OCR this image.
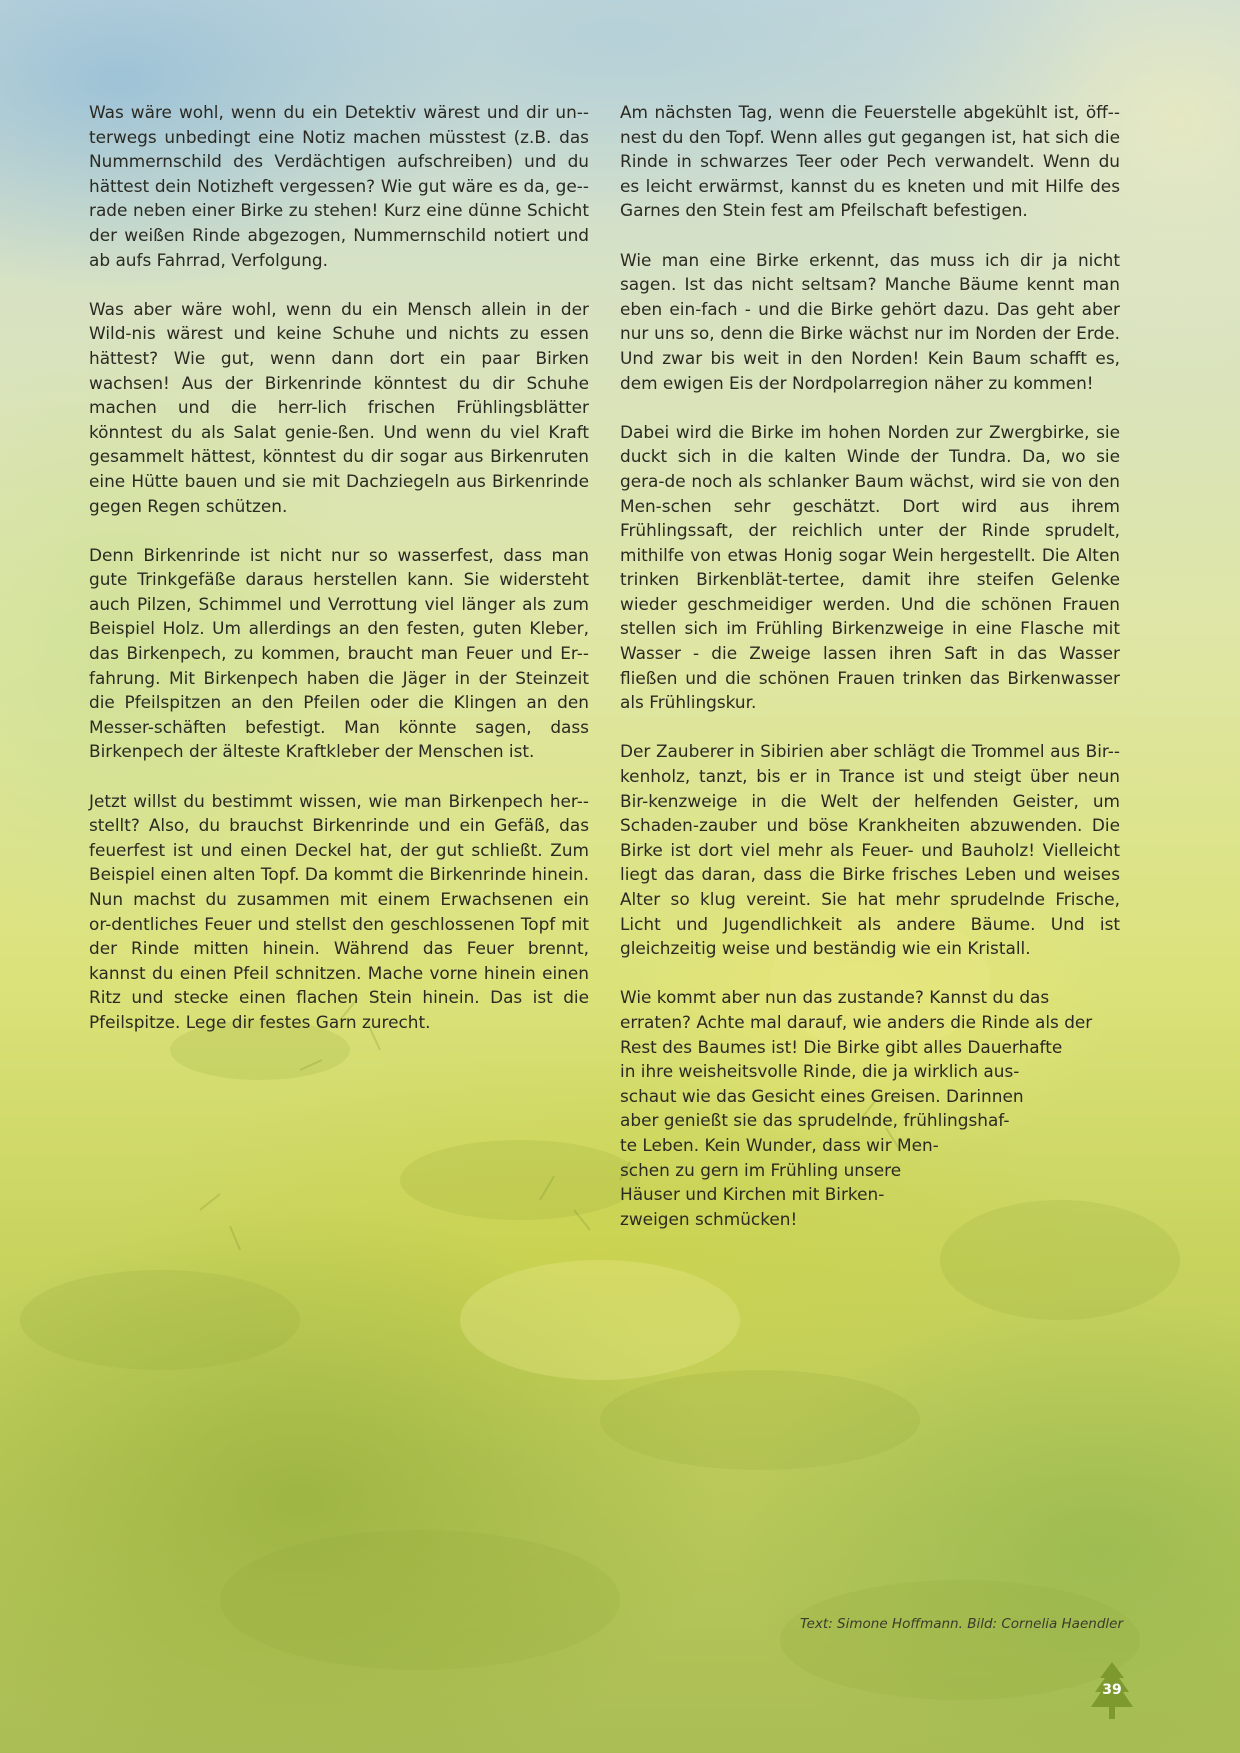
Was wäre wohl, wenn du ein Detektiv wärest und dir un-terwegs unbedingt eine Notiz machen müsstest (z.B. das Nummernschild des Verdächtigen aufschreiben) und du hättest dein Notizheft vergessen? Wie gut wäre es da, ge-rade neben einer Birke zu stehen! Kurz eine dünne Schicht der weißen Rinde abgezogen, Nummernschild notiert und ab aufs Fahrrad, Verfolgung.

Was aber wäre wohl, wenn du ein Mensch allein in der Wild-nis wärest und keine Schuhe und nichts zu essen hättest? Wie gut, wenn dann dort ein paar Birken wachsen! Aus der Birkenrinde könntest du dir Schuhe machen und die herr-lich frischen Frühlingsblätter könntest du als Salat genie-ßen. Und wenn du viel Kraft gesammelt hättest, könntest du dir sogar aus Birkenruten eine Hütte bauen und sie mit Dachziegeln aus Birkenrinde gegen Regen schützen.

Denn Birkenrinde ist nicht nur so wasserfest, dass man gute Trinkgefäße daraus herstellen kann. Sie widersteht auch Pilzen, Schimmel und Verrottung viel länger als zum Beispiel Holz. Um allerdings an den festen, guten Kleber, das Birkenpech, zu kommen, braucht man Feuer und Er-fahrung. Mit Birkenpech haben die Jäger in der Steinzeit die Pfeilspitzen an den Pfeilen oder die Klingen an den Messer-schäften befestigt. Man könnte sagen, dass Birkenpech der älteste Kraftkleber der Menschen ist.

Jetzt willst du bestimmt wissen, wie man Birkenpech her-stellt? Also, du brauchst Birkenrinde und ein Gefäß, das feuerfest ist und einen Deckel hat, der gut schließt. Zum Beispiel einen alten Topf. Da kommt die Birkenrinde hinein. Nun machst du zusammen mit einem Erwachsenen ein or-dentliches Feuer und stellst den geschlossenen Topf mit der Rinde mitten hinein. Während das Feuer brennt, kannst du einen Pfeil schnitzen. Mache vorne hinein einen Ritz und stecke einen flachen Stein hinein. Das ist die Pfeilspitze. Lege dir festes Garn zurecht.

Am nächsten Tag, wenn die Feuerstelle abgekühlt ist, öff-nest du den Topf. Wenn alles gut gegangen ist, hat sich die Rinde in schwarzes Teer oder Pech verwandelt. Wenn du es leicht erwärmst, kannst du es kneten und mit Hilfe des Garnes den Stein fest am Pfeilschaft befestigen.

Wie man eine Birke erkennt, das muss ich dir ja nicht sagen. Ist das nicht seltsam? Manche Bäume kennt man eben ein-fach - und die Birke gehört dazu. Das geht aber nur uns so, denn die Birke wächst nur im Norden der Erde. Und zwar bis weit in den Norden! Kein Baum schafft es, dem ewigen Eis der Nordpolarregion näher zu kommen!

Dabei wird die Birke im hohen Norden zur Zwergbirke, sie duckt sich in die kalten Winde der Tundra. Da, wo sie gera-de noch als schlanker Baum wächst, wird sie von den Men-schen sehr geschätzt. Dort wird aus ihrem Frühlingssaft, der reichlich unter der Rinde sprudelt, mithilfe von etwas Honig sogar Wein hergestellt. Die Alten trinken Birkenblät-tertee, damit ihre steifen Gelenke wieder geschmeidiger werden. Und die schönen Frauen stellen sich im Frühling Birkenzweige in eine Flasche mit Wasser - die Zweige lassen ihren Saft in das Wasser fließen und die schönen Frauen trinken das Birkenwasser als Frühlingskur.

Der Zauberer in Sibirien aber schlägt die Trommel aus Bir-kenholz, tanzt, bis er in Trance ist und steigt über neun Bir-kenzweige in die Welt der helfenden Geister, um Schaden-zauber und böse Krankheiten abzuwenden. Die Birke ist dort viel mehr als Feuer- und Bauholz! Vielleicht liegt das daran, dass die Birke frisches Leben und weises Alter so klug vereint. Sie hat mehr sprudelnde Frische, Licht und Jugendlichkeit als andere Bäume. Und ist gleichzeitig weise und beständig wie ein Kristall.

Wie kommt aber nun das zustande? Kannst du das
erraten? Achte mal darauf, wie anders die Rinde als der
Rest des Baumes ist! Die Birke gibt alles Dauerhafte
in ihre weisheitsvolle Rinde, die ja wirklich aus-
schaut wie das Gesicht eines Greisen. Darinnen
aber genießt sie das sprudelnde, frühlingshaf-
te Leben. Kein Wunder, dass wir Men-
schen zu gern im Frühling unsere
Häuser und Kirchen mit Birken-
zweigen schmücken!

Text: Simone Hoffmann. Bild: Cornelia Haendler
39
